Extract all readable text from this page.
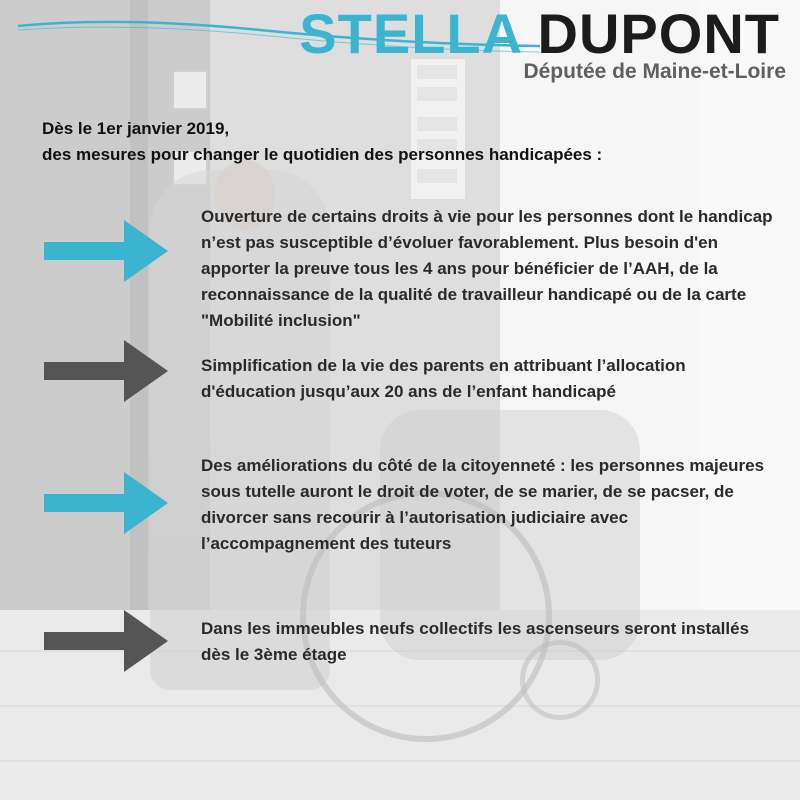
STELLA DUPONT
Députée de Maine-et-Loire
Dès le 1er janvier 2019,
des mesures pour changer le quotidien des personnes handicapées :
Ouverture de certains droits à vie pour les personnes dont le handicap n’est pas susceptible d’évoluer favorablement. Plus besoin d'en apporter la preuve tous les 4 ans pour bénéficier de l’AAH, de la reconnaissance de la qualité de travailleur handicapé ou de la carte "Mobilité inclusion"
Simplification de la vie des parents en attribuant l’allocation d'éducation jusqu’aux 20 ans de l’enfant handicapé
Des améliorations du côté de la citoyenneté : les personnes majeures sous tutelle auront le droit de voter, de se marier, de se pacser, de divorcer sans recourir à l’autorisation judiciaire avec l’accompagnement des tuteurs
Dans les immeubles neufs collectifs les ascenseurs seront installés dès le 3ème étage
